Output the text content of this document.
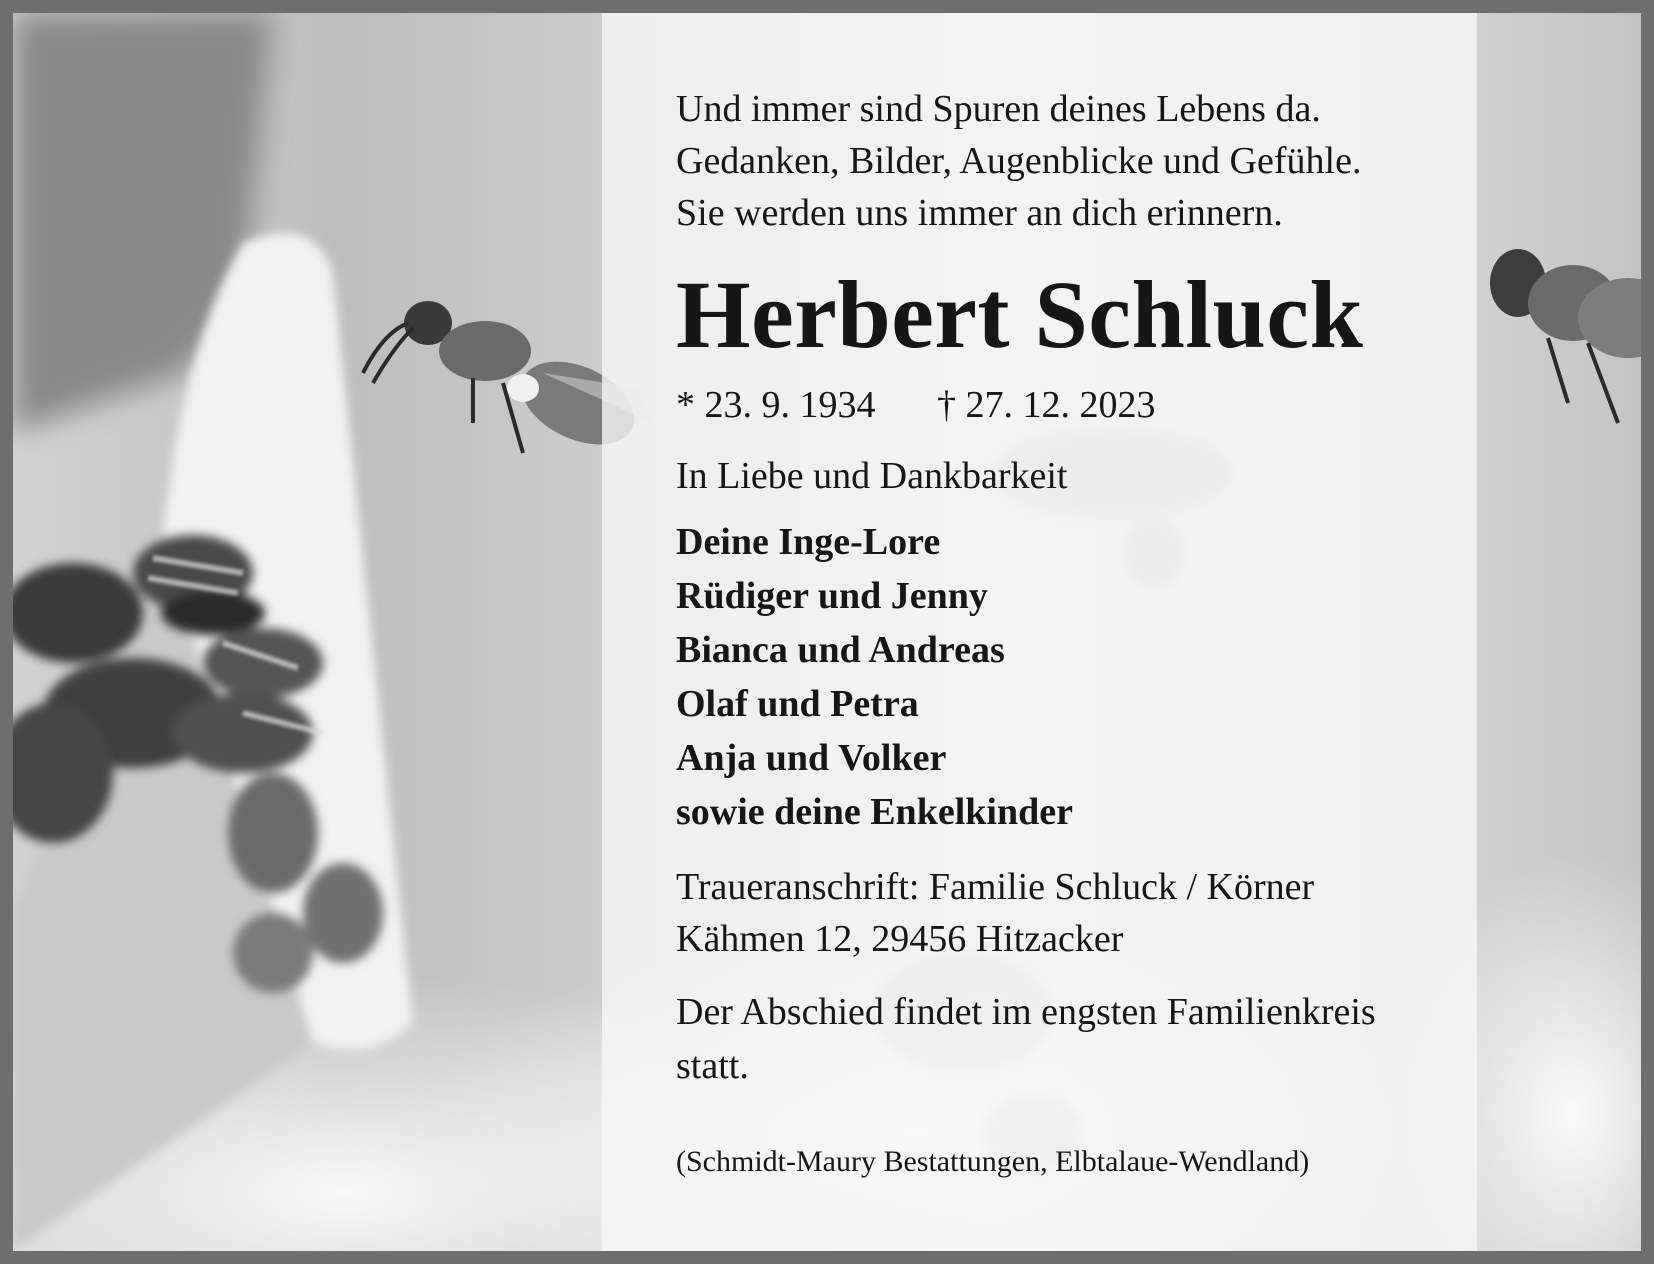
Und immer sind Spuren deines Lebens da.
Gedanken, Bilder, Augenblicke und Gefühle.
Sie werden uns immer an dich erinnern.

Herbert Schluck

* 23. 9. 1934 † 27. 12. 2023

In Liebe und Dankbarkeit

Deine Inge-Lore
Rüdiger und Jenny
Bianca und Andreas
Olaf und Petra
Anja und Volker
sowie deine Enkelkinder

Traueranschrift: Familie Schluck / Körner
Kähmen 12, 29456 Hitzacker

Der Abschied findet im engsten Familienkreis statt.

(Schmidt-Maury Bestattungen, Elbtalaue-Wendland)
